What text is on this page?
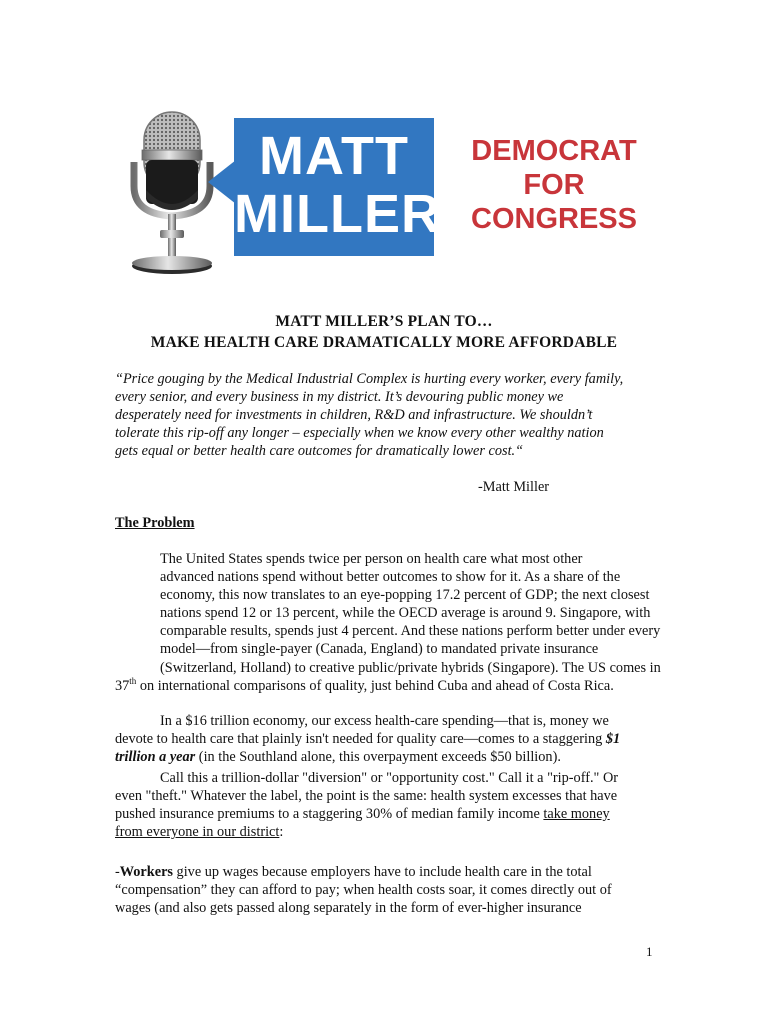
MATT
MILLER
DEMOCRAT
FOR
CONGRESS
MATT MILLER’S PLAN TO…
MAKE HEALTH CARE DRAMATICALLY MORE AFFORDABLE

“Price gouging by the Medical Industrial Complex is hurting every worker, every family,
every senior, and every business in my district. It’s devouring public money we
desperately need for investments in children, R&D and infrastructure. We shouldn’t
tolerate this rip-off any longer – especially when we know every other wealthy nation
gets equal or better health care outcomes for dramatically lower cost.“

-Matt Miller
The Problem

The United States spends twice per person on health care what most other
advanced nations spend without better outcomes to show for it. As a share of the
economy, this now translates to an eye-popping 17.2 percent of GDP; the next closest
nations spend 12 or 13 percent, while the OECD average is around 9. Singapore, with
comparable results, spends just 4 percent. And these nations perform better under every
model—from single-payer (Canada, England) to mandated private insurance
(Switzerland, Holland) to creative public/private hybrids (Singapore). The US comes in
37th on international comparisons of quality, just behind Cuba and ahead of Costa Rica.

In a $16 trillion economy, our excess health-care spending—that is, money we
devote to health care that plainly isn't needed for quality care—comes to a staggering $1
trillion a year (in the Southland alone, this overpayment exceeds $50 billion).

Call this a trillion-dollar "diversion" or "opportunity cost." Call it a "rip-off." Or
even "theft." Whatever the label, the point is the same: health system excesses that have
pushed insurance premiums to a staggering 30% of median family income take money
from everyone in our district:

-Workers give up wages because employers have to include health care in the total
“compensation” they can afford to pay; when health costs soar, it comes directly out of
wages (and also gets passed along separately in the form of ever-higher insurance

1
